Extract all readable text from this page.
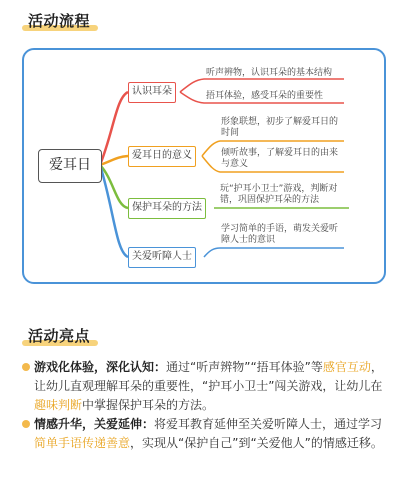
活动流程
爱耳日
认识耳朵
听声辨物，认识耳朵的基本结构
捂耳体验，感受耳朵的重要性
爱耳日的意义
形象联想，初步了解爱耳日的时间
倾听故事，了解爱耳日的由来与意义
保护耳朵的方法
玩“护耳小卫士”游戏，判断对错，巩固保护耳朵的方法
关爱听障人士
学习简单的手语，萌发关爱听障人士的意识
活动亮点
游戏化体验，深化认知：通过“听声辨物”“捂耳体验”等感官互动，让幼儿直观理解耳朵的重要性，“护耳小卫士”闯关游戏，让幼儿在趣味判断中掌握保护耳朵的方法。
情感升华，关爱延伸：将爱耳教育延伸至关爱听障人士，通过学习简单手语传递善意，实现从“保护自己”到“关爱他人”的情感迁移。
